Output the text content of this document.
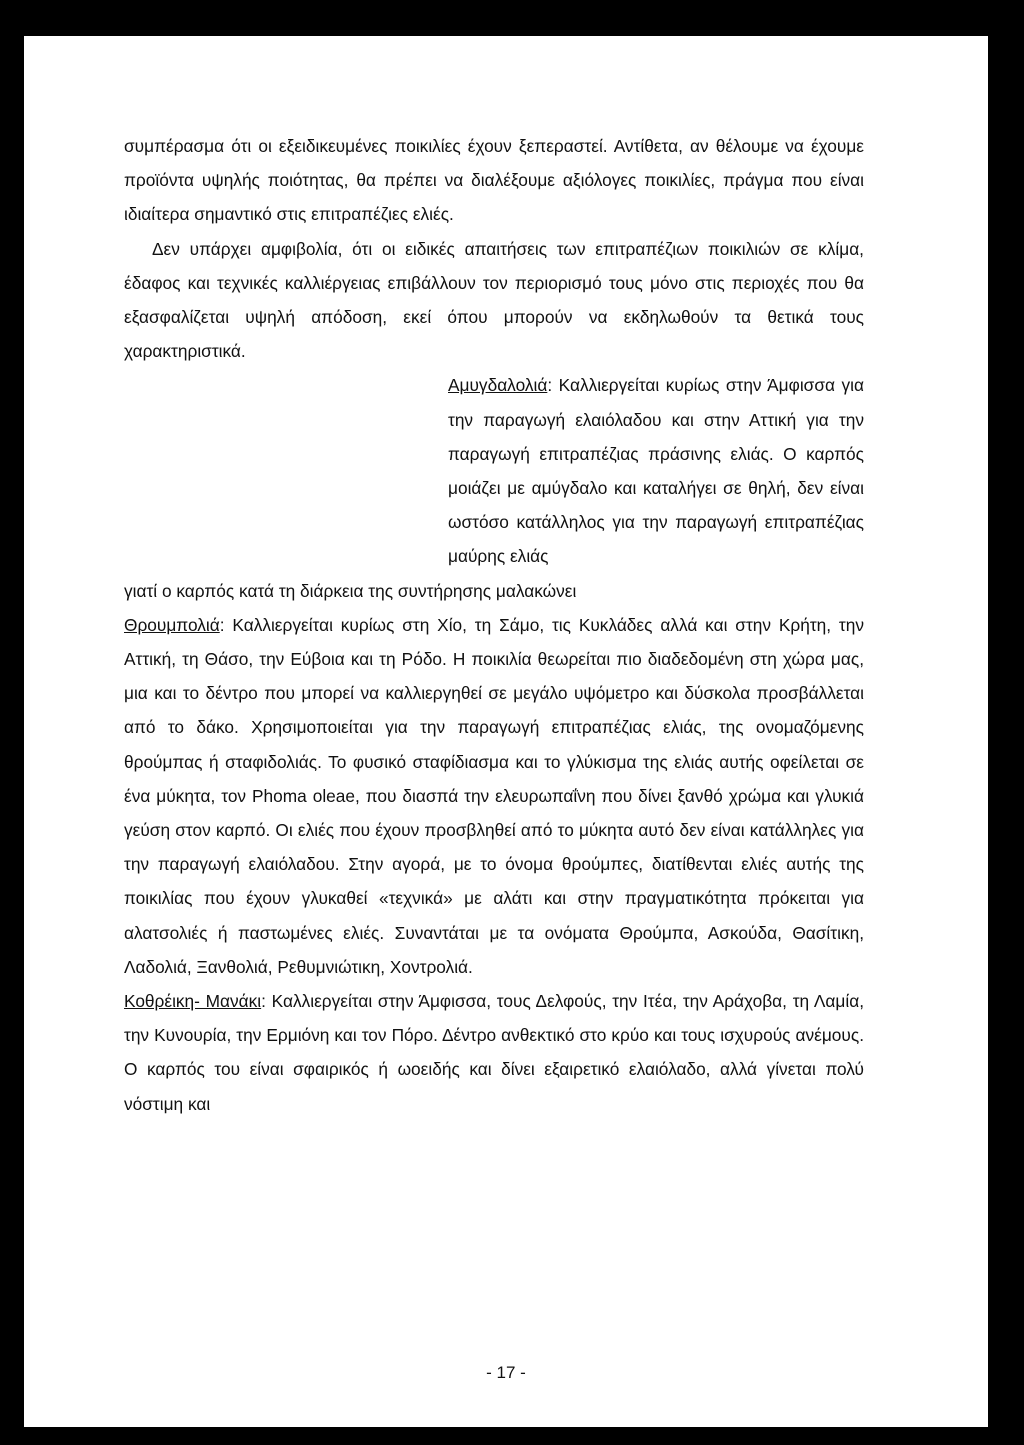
συμπέρασμα ότι οι εξειδικευμένες ποικιλίες έχουν ξεπεραστεί. Αντίθετα, αν θέλουμε να έχουμε προϊόντα υψηλής ποιότητας, θα πρέπει να διαλέξουμε αξιόλογες ποικιλίες, πράγμα που είναι ιδιαίτερα σημαντικό στις επιτραπέζιες ελιές.

Δεν υπάρχει αμφιβολία, ότι οι ειδικές απαιτήσεις των επιτραπέζιων ποικιλιών σε κλίμα, έδαφος και τεχνικές καλλιέργειας επιβάλλουν τον περιορισμό τους μόνο στις περιοχές που θα εξασφαλίζεται υψηλή απόδοση, εκεί όπου μπορούν να εκδηλωθούν τα θετικά τους χαρακτηριστικά.

Αμυγδαλολιά: Καλλιεργείται κυρίως στην Άμφισσα για την παραγωγή ελαιόλαδου και στην Αττική για την παραγωγή επιτραπέζιας πράσινης ελιάς. Ο καρπός μοιάζει με αμύγδαλο και καταλήγει σε θηλή, δεν είναι ωστόσο κατάλληλος για την παραγωγή επιτραπέζιας μαύρης ελιάς

γιατί ο καρπός κατά τη διάρκεια της συντήρησης μαλακώνει

Θρουμπολιά: Καλλιεργείται κυρίως στη Χίο, τη Σάμο, τις Κυκλάδες αλλά και στην Κρήτη, την Αττική, τη Θάσο, την Εύβοια και τη Ρόδο. Η ποικιλία θεωρείται πιο διαδεδομένη στη χώρα μας, μια και το δέντρο που μπορεί να καλλιεργηθεί σε μεγάλο υψόμετρο και δύσκολα προσβάλλεται από το δάκο. Χρησιμοποιείται για την παραγωγή επιτραπέζιας ελιάς, της ονομαζόμενης θρούμπας ή σταφιδολιάς. Το φυσικό σταφίδιασμα και το γλύκισμα της ελιάς αυτής οφείλεται σε ένα μύκητα, τον Phoma oleae, που διασπά την ελευρωπαΐνη που δίνει ξανθό χρώμα και γλυκιά γεύση στον καρπό. Οι ελιές που έχουν προσβληθεί από το μύκητα αυτό δεν είναι κατάλληλες για την παραγωγή ελαιόλαδου. Στην αγορά, με το όνομα θρούμπες, διατίθενται ελιές αυτής της ποικιλίας που έχουν γλυκαθεί «τεχνικά» με αλάτι και στην πραγματικότητα πρόκειται για αλατσολιές ή παστωμένες ελιές. Συναντάται με τα ονόματα Θρούμπα, Ασκούδα, Θασίτικη, Λαδολιά, Ξανθολιά, Ρεθυμνιώτικη, Χοντρολιά.

Κοθρέικη- Μανάκι: Καλλιεργείται στην Άμφισσα, τους Δελφούς, την Ιτέα, την Αράχοβα, τη Λαμία, την Κυνουρία, την Ερμιόνη και τον Πόρο. Δέντρο ανθεκτικό στο κρύο και τους ισχυρούς ανέμους. Ο καρπός του είναι σφαιρικός ή ωοειδής και δίνει εξαιρετικό ελαιόλαδο, αλλά γίνεται πολύ νόστιμη και

- 17 -
